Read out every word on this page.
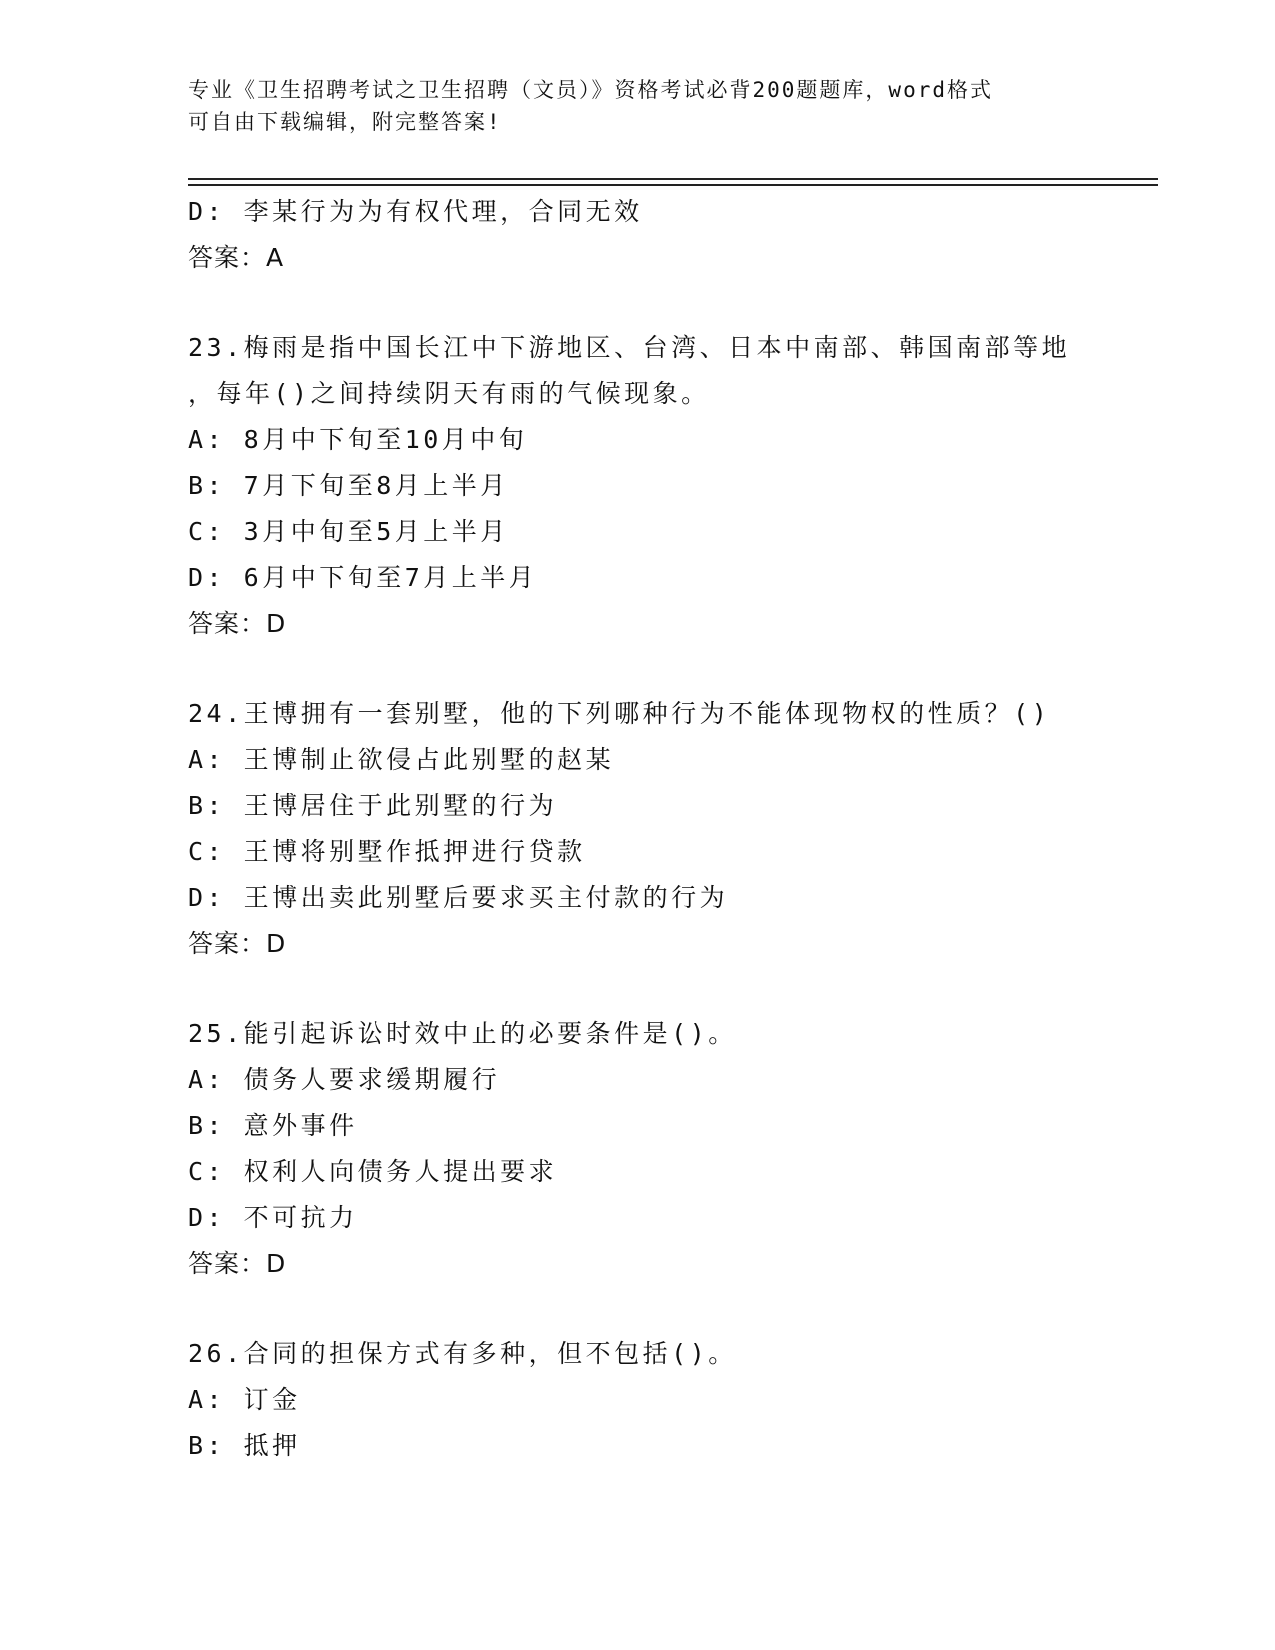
专业《卫生招聘考试之卫生招聘（文员）》资格考试必背200题题库，word格式
可自由下载编辑，附完整答案!

D: 李某行为为有权代理，合同无效

答案：A

23.梅雨是指中国长江中下游地区、台湾、日本中南部、韩国南部等地

，每年()之间持续阴天有雨的气候现象。

A: 8月中下旬至10月中旬

B: 7月下旬至8月上半月

C: 3月中旬至5月上半月

D: 6月中下旬至7月上半月

答案：D

24.王博拥有一套别墅，他的下列哪种行为不能体现物权的性质？()

A: 王博制止欲侵占此别墅的赵某

B: 王博居住于此别墅的行为

C: 王博将别墅作抵押进行贷款

D: 王博出卖此别墅后要求买主付款的行为

答案：D

25.能引起诉讼时效中止的必要条件是()。

A: 债务人要求缓期履行

B: 意外事件

C: 权利人向债务人提出要求

D: 不可抗力

答案：D

26.合同的担保方式有多种，但不包括()。

A: 订金

B: 抵押
